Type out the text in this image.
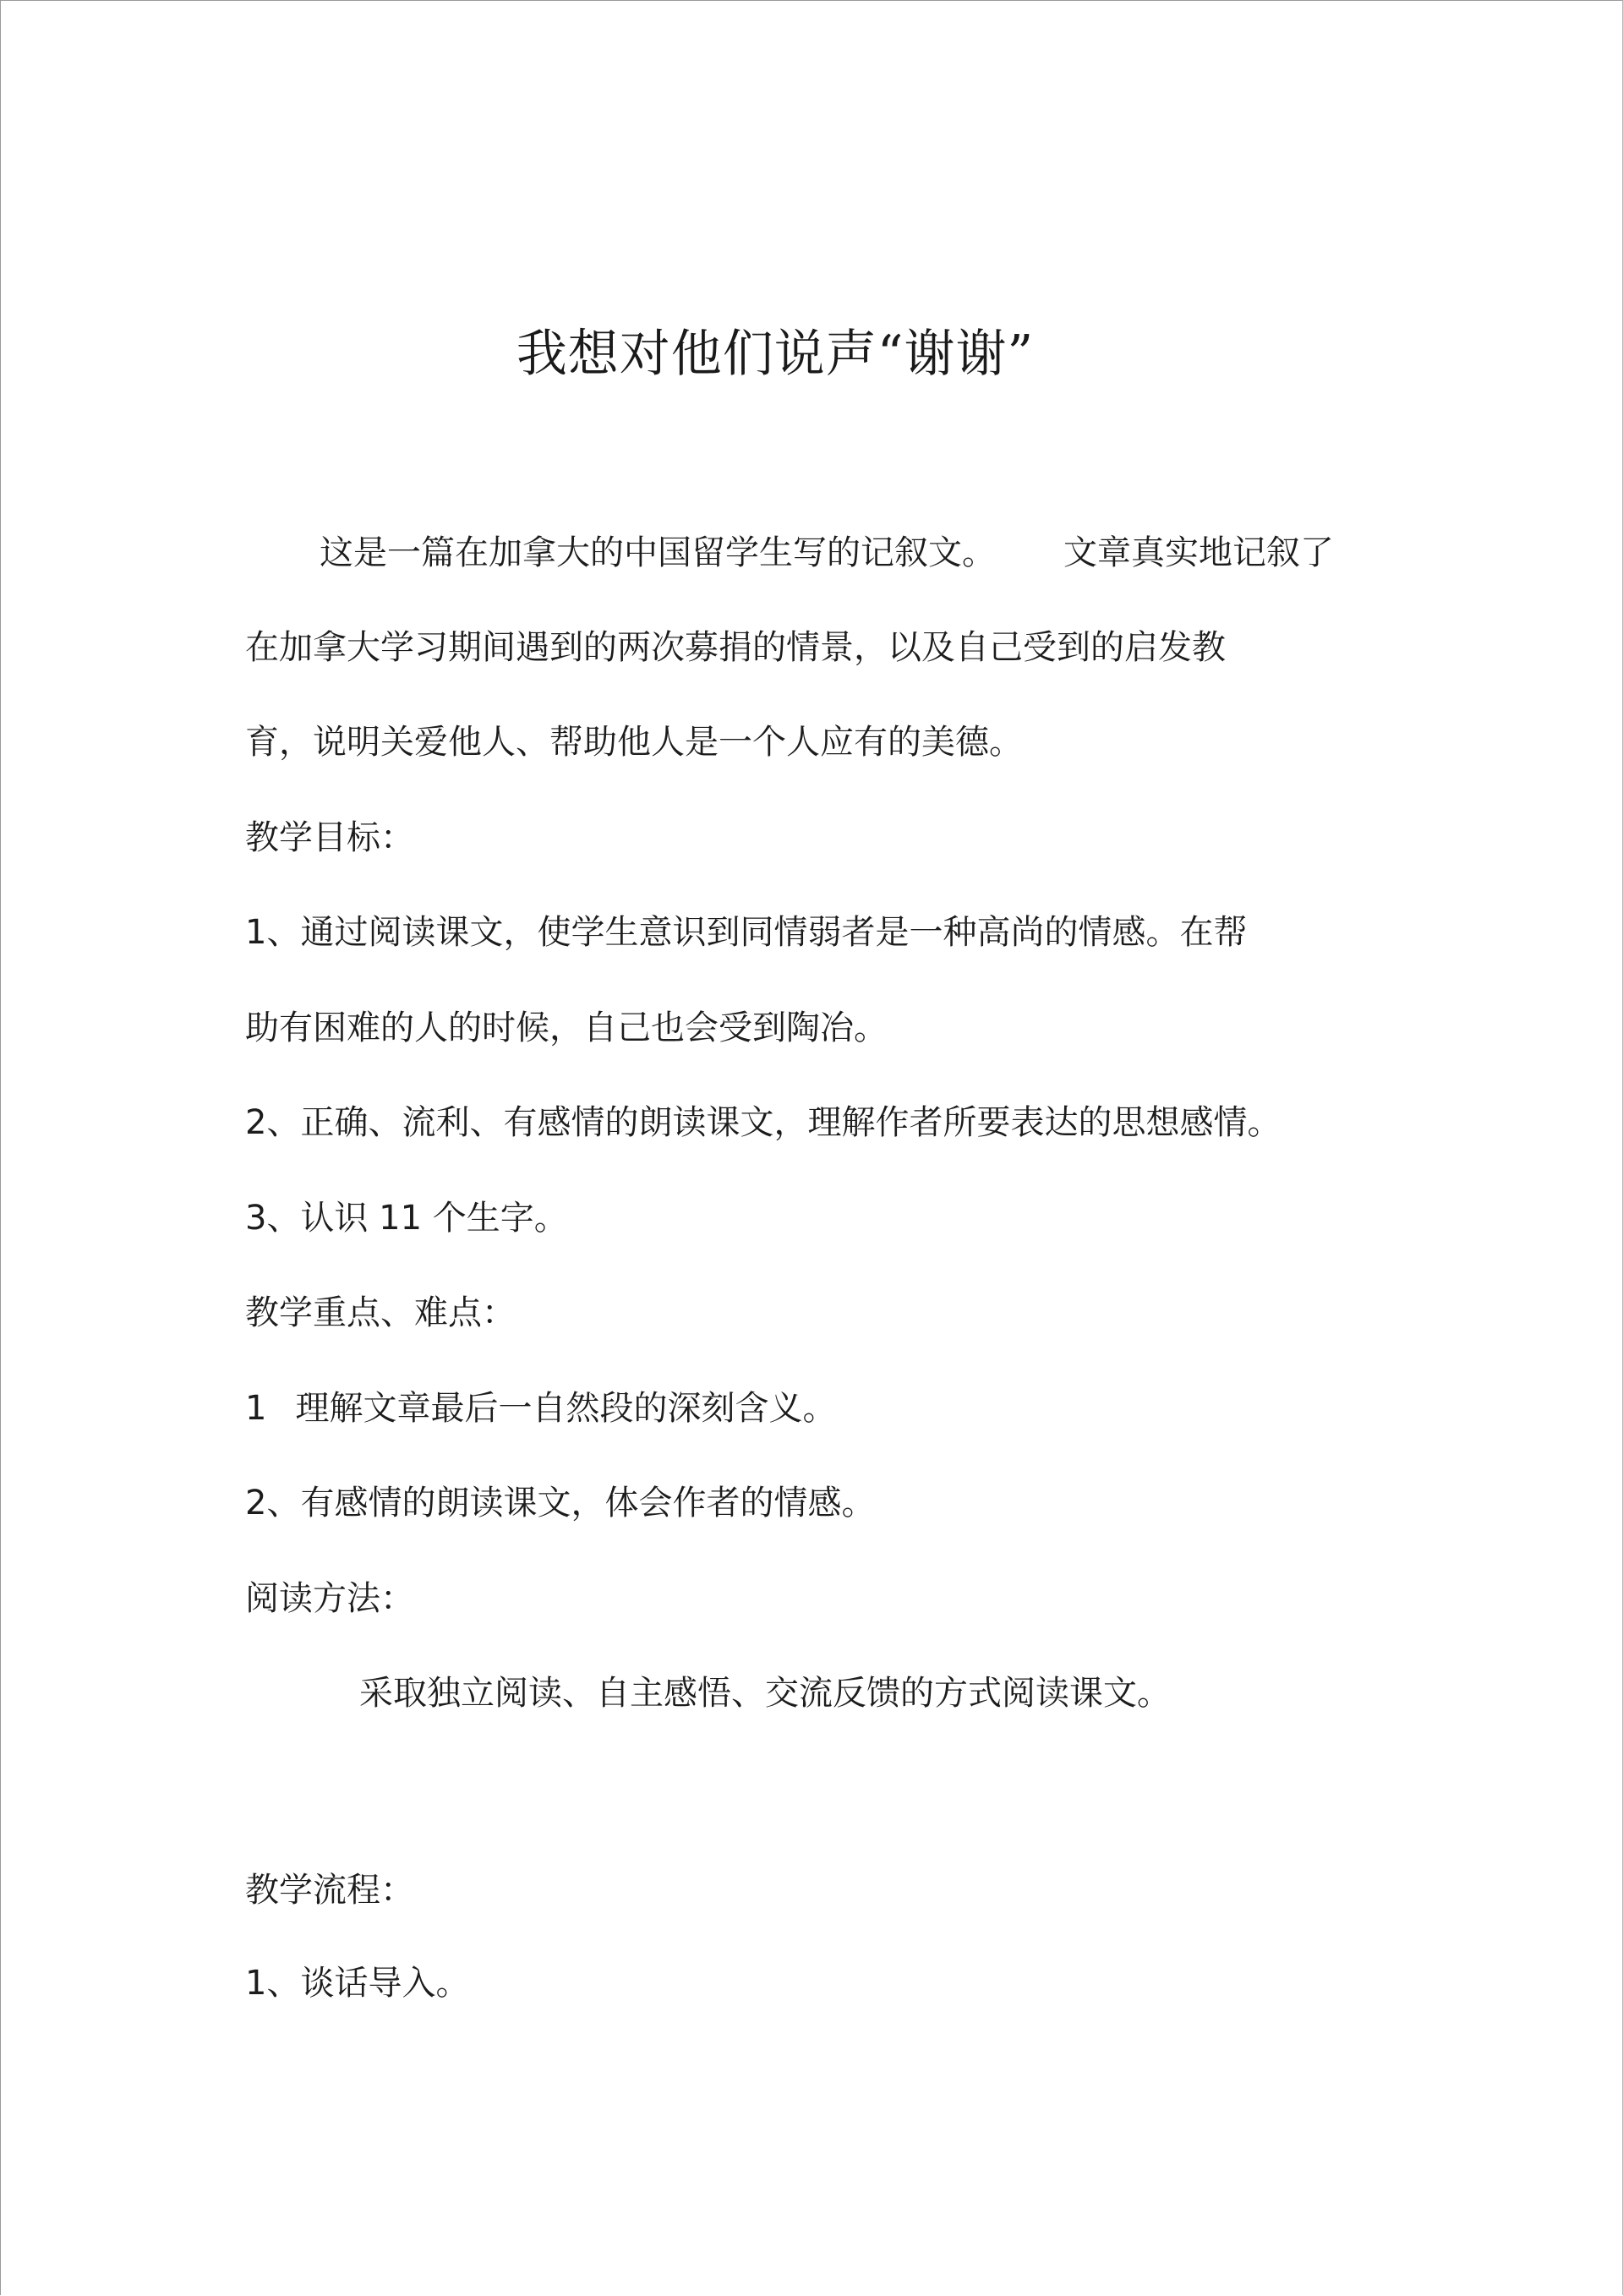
我想对他们说声“谢谢”
这是一篇在加拿大的中国留学生写的记叙文。 文章真实地记叙了
在加拿大学习期间遇到的两次募捐的情景，以及自己受到的启发教
育，说明关爱他人、帮助他人是一个人应有的美德。
教学目标：
1、通过阅读课文，使学生意识到同情弱者是一种高尚的情感。在帮
助有困难的人的时候，自己也会受到陶冶。
2、正确、流利、有感情的朗读课文，理解作者所要表达的思想感情。
3、认识 11 个生字。
教学重点、难点：
1 理解文章最后一自然段的深刻含义。
2、有感情的朗读课文，体会作者的情感。
阅读方法：
采取独立阅读、自主感悟、交流反馈的方式阅读课文。
教学流程：
1、谈话导入。
